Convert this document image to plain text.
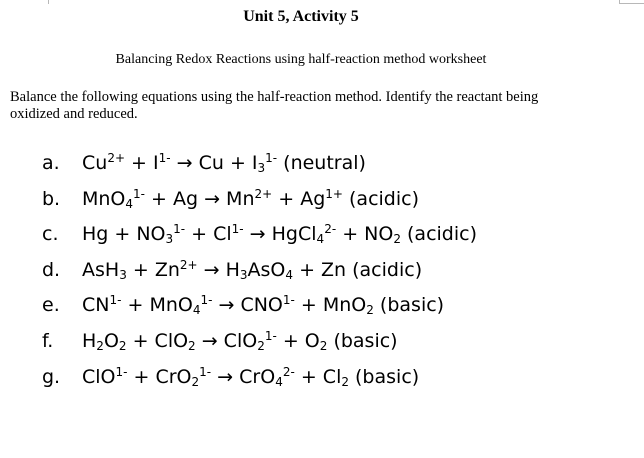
Unit 5, Activity 5
Balancing Redox Reactions using half-reaction method worksheet
Balance the following equations using the half-reaction method. Identify the reactant being oxidized and reduced.
a. $Cu^{2+} + I^{1-} \to Cu + I_3^{1-}$ (neutral)
b. $MnO_4^{1-} + Ag \to Mn^{2+} + Ag^{1+}$ (acidic)
c. $Hg + NO_3^{1-} + Cl^{1-}$ → HgCl$_4^{2-}$ + $NO_2$ (acidic)
d. $AsH_3 + Zn^{2+} \to H_3AsO_4 + Zn$ (acidic)
e. $CN^{1-} + MnO_4^{1-} \to CNO^{1-} + MnO_2$ (basic)
f. $H_2O_2 + ClO_2 \to ClO_2^{1-} + O_2$ (basic)
g. $ClO^{1-} + CrO_2^{1-} \to CrO_4^{2-} + Cl_2$ (basic)
